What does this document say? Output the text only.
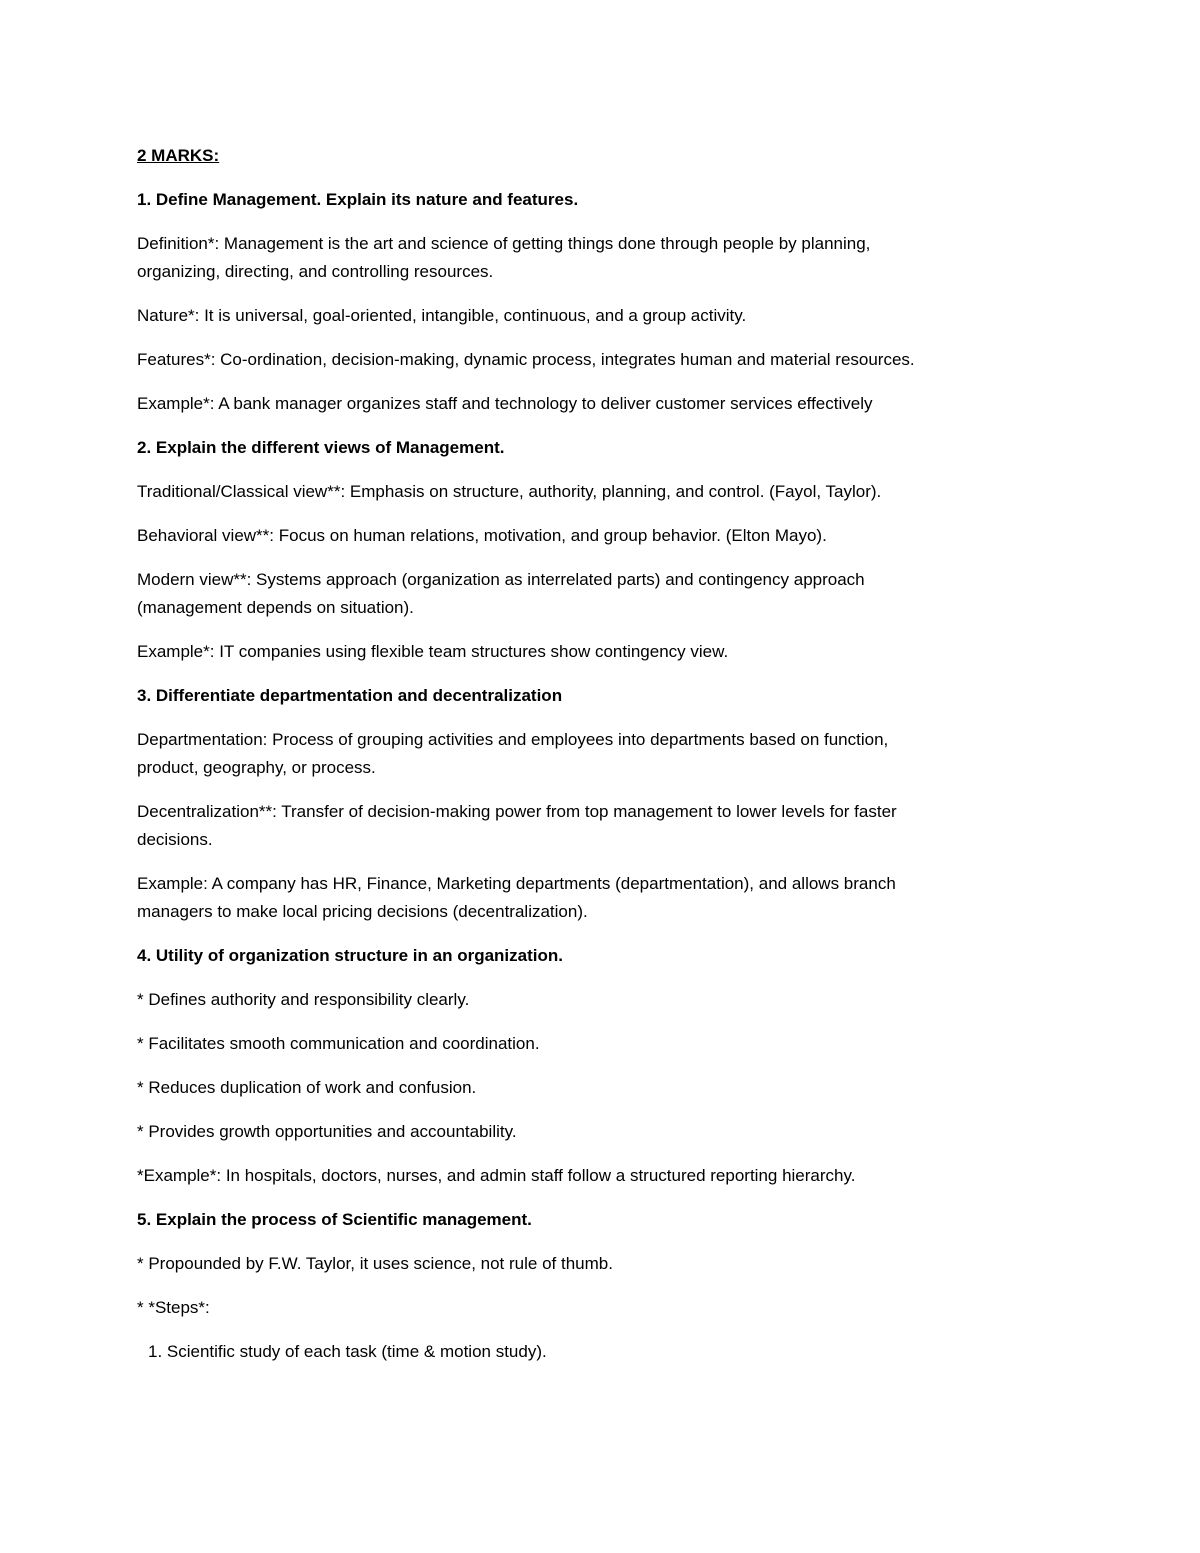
2 MARKS:

1. Define Management. Explain its nature and features.

Definition*: Management is the art and science of getting things done through people by planning,
organizing, directing, and controlling resources.

Nature*: It is universal, goal-oriented, intangible, continuous, and a group activity.

Features*: Co-ordination, decision-making, dynamic process, integrates human and material resources.

Example*: A bank manager organizes staff and technology to deliver customer services effectively

2. Explain the different views of Management.

Traditional/Classical view**: Emphasis on structure, authority, planning, and control. (Fayol, Taylor).

Behavioral view**: Focus on human relations, motivation, and group behavior. (Elton Mayo).

Modern view**: Systems approach (organization as interrelated parts) and contingency approach
(management depends on situation).

Example*: IT companies using flexible team structures show contingency view.

3. Differentiate departmentation and decentralization

Departmentation: Process of grouping activities and employees into departments based on function,
product, geography, or process.

Decentralization**: Transfer of decision-making power from top management to lower levels for faster
decisions.

Example: A company has HR, Finance, Marketing departments (departmentation), and allows branch
managers to make local pricing decisions (decentralization).

4. Utility of organization structure in an organization.

* Defines authority and responsibility clearly.

* Facilitates smooth communication and coordination.

* Reduces duplication of work and confusion.

* Provides growth opportunities and accountability.

*Example*: In hospitals, doctors, nurses, and admin staff follow a structured reporting hierarchy.

5. Explain the process of Scientific management.

* Propounded by F.W. Taylor, it uses science, not rule of thumb.

* *Steps*:

1. Scientific study of each task (time & motion study).
